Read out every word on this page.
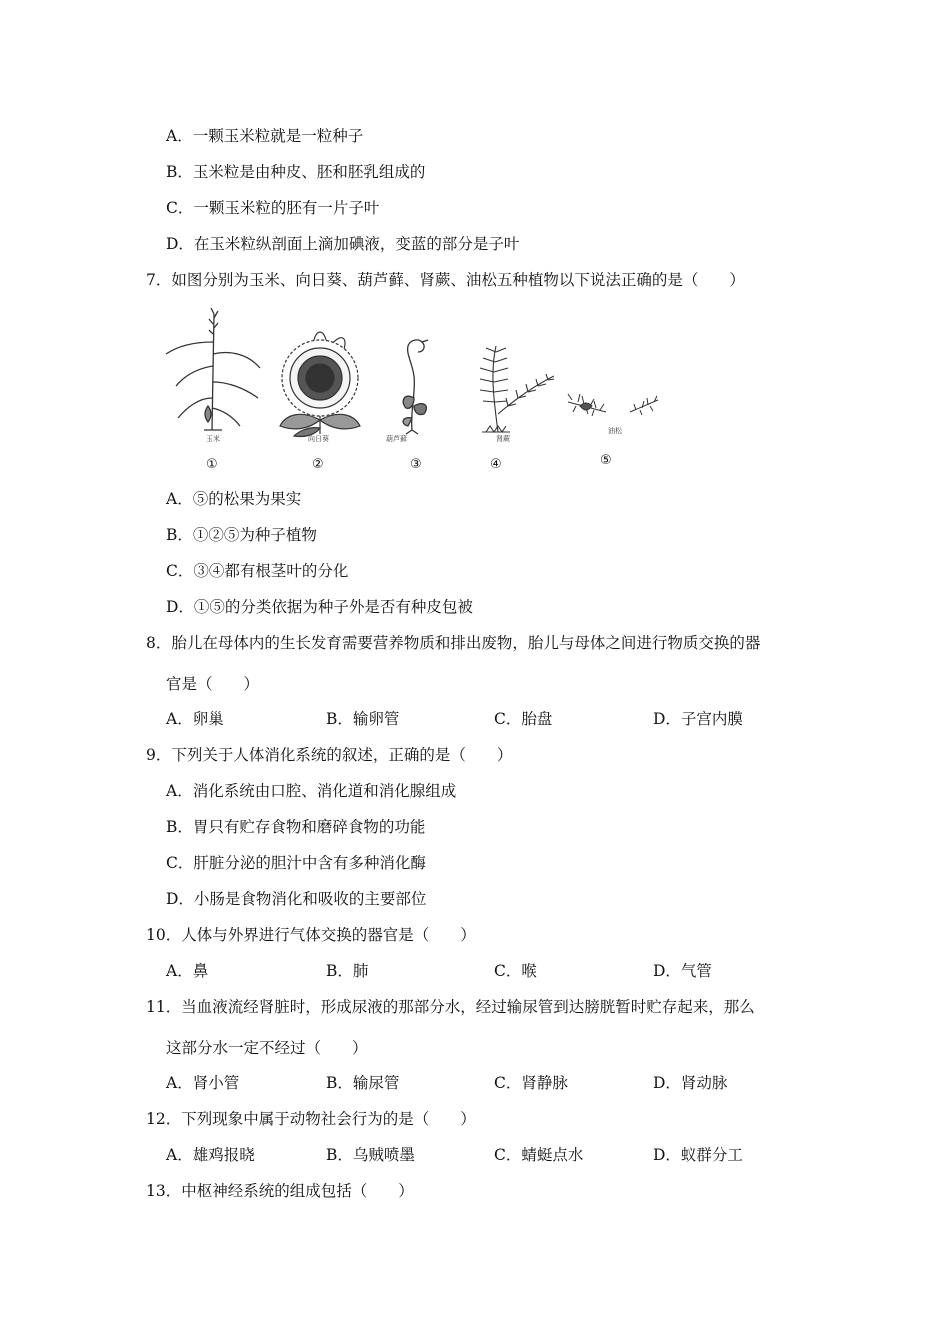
A．一颗玉米粒就是一粒种子
B．玉米粒是由种皮、胚和胚乳组成的
C．一颗玉米粒的胚有一片子叶
D．在玉米粒纵剖面上滴加碘液，变蓝的部分是子叶
7．如图分别为玉米、向日葵、葫芦藓、肾蕨、油松五种植物以下说法正确的是（　　）
玉米
①
向日葵
②
葫芦藓
③
肾蕨
④
油松
⑤
A．⑤的松果为果实
B．①②⑤为种子植物
C．③④都有根茎叶的分化
D．①⑤的分类依据为种子外是否有种皮包被
8．胎儿在母体内的生长发育需要营养物质和排出废物，胎儿与母体之间进行物质交换的器
官是（　　）
A．卵巢	B．输卵管	C．胎盘	D．子宫内膜
9．下列关于人体消化系统的叙述，正确的是（　　）
A．消化系统由口腔、消化道和消化腺组成
B．胃只有贮存食物和磨碎食物的功能
C．肝脏分泌的胆汁中含有多种消化酶
D．小肠是食物消化和吸收的主要部位
10．人体与外界进行气体交换的器官是（　　）
A．鼻	B．肺	C．喉	D．气管
11．当血液流经肾脏时，形成尿液的那部分水，经过输尿管到达膀胱暂时贮存起来，那么
这部分水一定不经过（　　）
A．肾小管	B．输尿管	C．肾静脉	D．肾动脉
12．下列现象中属于动物社会行为的是（　　）
A．雄鸡报晓	B．乌贼喷墨	C．蜻蜓点水	D．蚁群分工
13．中枢神经系统的组成包括（　　）
